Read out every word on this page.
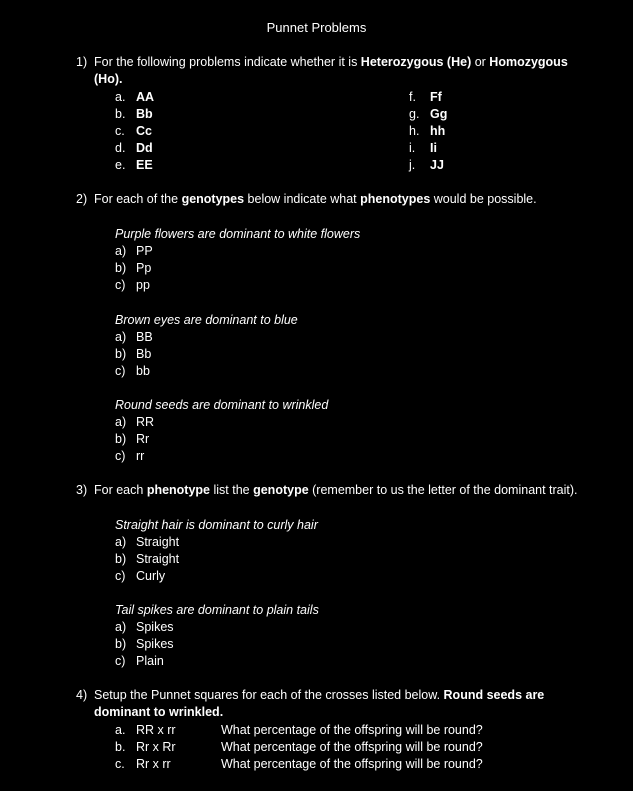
Punnet Problems
1) For the following problems indicate whether it is Heterozygous (He) or Homozygous
(Ho).
a. AA
b. Bb
c. Cc
d. Dd
e. EE
f. Ff
g. Gg
h. hh
i. Ii
j. JJ
2) For each of the genotypes below indicate what phenotypes would be possible.
Purple flowers are dominant to white flowers
a) PP
b) Pp
c) pp
Brown eyes are dominant to blue
a) BB
b) Bb
c) bb
Round seeds are dominant to wrinkled
a) RR
b) Rr
c) rr
3) For each phenotype list the genotype (remember to us the letter of the dominant trait).
Straight hair is dominant to curly hair
a) Straight
b) Straight
c) Curly
Tail spikes are dominant to plain tails
a) Spikes
b) Spikes
c) Plain
4) Setup the Punnet squares for each of the crosses listed below. Round seeds are
dominant to wrinkled.
a. RR x rr
b. Rr x Rr
c. Rr x rr
What percentage of the offspring will be round?
What percentage of the offspring will be round?
What percentage of the offspring will be round?
